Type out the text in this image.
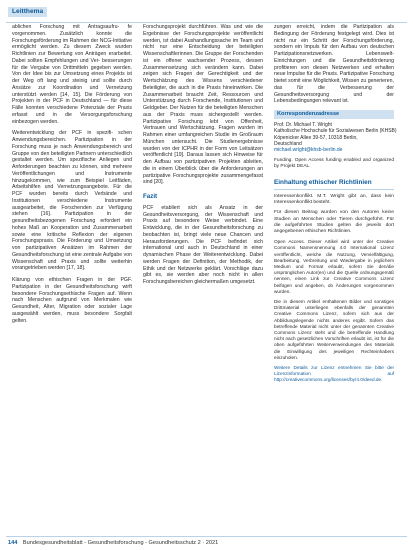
Leitthema

ablichen Forschung mit Antragsaufru- fe vorgenommen. Zusätzlich konnte die Forschungsförderung im Rahmen der NCG-Initiative ermöglicht werden. Zu diesem Zweck wurden Richtlinien zur Bewertung von Anträgen erarbeitet. Dabei sollten Empfehlungen und Ver- besserungen für die Vergabe von Drittmitteln gegeben werden. Von der Idee bis zur Umsetzung eines Projekts ist der Weg oft lang und steinig und sollte durch Ansätze zur Koordination und Vernetzung unterstützt werden [14, 15]. Die Förderung von Projekten in der PCF in Deutschland — für diese Fälle konnten verschiedene Potenziale der Praxis erfasst und in die Versorgungsforschung einbezogen werden.

Weiterentwicklung der PCF in spezifi- schen Anwendungsbereichen. Partizipation in der Forschung muss je nach Anwendungsbereich und Gruppe von den beteiligten Partnern unterschiedlich gestaltet werden. Um spezifische Anliegen und Anforderungen beachten zu können, sind mehrere Veröffentlichungen und Instrumente hinzugekommen, wie zum Beispiel Leitfäden, Arbeitshilfen und Vernetzungsangebote. Für die PCF wurden bereits durch Verbände und Institutionen verschiedene Instrumente ausgearbeitet, die Forschenden zur Verfügung stehen [16]. Partizipation in der gesundheitsbezogenen Forschung erfordert ein hohes Maß an Kooperation und Zusammenarbeit sowie eine kritische Reflexion der eigenen Forschungspraxis. Die Förderung und Umsetzung von partizipativen Ansätzen im Rahmen der Gesundheitsforschung ist eine zentrale Aufgabe von Wissenschaft und Praxis und sollte weiterhin vorangetrieben werden [17, 18].

Klärung von ethischen Fragen in der PGF. Partizipation in der Gesundheitsforschung wirft besondere Forschungsethische Fragen auf. Wenn nach Menschen aufgrund von Merkmalen wie Gesundheit, Alter, Migration oder sozialer Lage ausgewählt werden, muss besondere Sorgfalt gelten.

Forschungsprojekt durchführen. Was und wie die Ergebnisse der Forschungsprojekte veröffentlicht werden, ist dabei Aushandlungssache im Team und nicht nur eine Entscheidung der beteiligten Wissenschaftlerinnen. Die Gruppe der Forschenden ist ein offener wachsender Prozess, dessen Zusammensetzung sich verändern kann. Dabei zeigen sich Fragen der Gerechtigkeit und der Wertschätzung des Wissens verschiedener Beteiligter, die auch in die Praxis hineinwirken. Die Zusammenarbeit braucht Zeit, Ressourcen und Unterstützung durch Forschende, Institutionen und Geldgeber. Der Nutzen für die beteiligten Menschen aus der Praxis muss sichergestellt werden. Partizipative Forschung lebt von Offenheit, Vertrauen und Wertschätzung. Fragen wurden im Rahmen einer umfangreichen Studie im Großraum München untersucht. Die Studienergebnisse wurden von der ICPHR in der Form von Leitsätzen veröffentlicht [19]. Daraus lassen sich Hinweise für den Aufbau von partizipativen Projekten ableiten, die in einem Überblick über die Anforderungen an partizipative Forschungsprojekte zusammengefasst sind [20].

Fazit

PCF etabliert sich als Ansatz in der Gesundheitsversorgung, der Wissenschaft und Praxis auf besondere Weise verbindet. Eine Entwicklung, die in der Gesundheitsforschung zu beobachten ist, bringt viele neue Chancen und Herausforderungen. Die PCF befindet sich international und auch in Deutschland in einer dynamischen Phase der Weiterentwicklung. Dabei werden Fragen der Definition, der Methodik, der Ethik und der Netzwerke geklärt. Vorschläge dazu gibt es, sie werden aber noch nicht in allen Forschungsbereichen gleichermaßen umgesetzt.

zungen erreicht, indem die Partizipation als Bedingung der Förderung festgelegt wird. Dies ist nicht nur ein Schritt der Forschungsförderung, sondern ein Impuls für den Aufbau von deutschen Partizipationsnetzwerken. Lebenswelt-Einrichtungen und die Gesundheitsförderung profitieren von diesen Netzwerken und erhalten neue Impulse für die Praxis. Partizipative Forschung bietet somit eine Möglichkeit, Wissen zu generieren, das für die Verbesserung der Gesundheitsversorgung und der Lebensbedingungen relevant ist.

Korrespondenzadresse
Prof. Dr. Michael T. Wright
Katholische Hochschule für Sozialwesen Berlin (KHSB)
Köpenicker Allee 39-57, 10318 Berlin,
Deutschland
michael.wright@khsb-berlin.de
Funding. Open Access funding enabled and organized by Projekt DEAL.
Einhaltung ethischer Richtlinien
Interessenkonflikt. M.T. Wright gibt an, dass kein Interessenkonflikt besteht.
Für diesen Beitrag wurden von den Autoren keine Studien an Menschen oder Tieren durchgeführt. Für die aufgeführten Studien gelten die jeweils dort angegebenen ethischen Richtlinien.
Open Access. Dieser Artikel wird unter der Creative Commons Namensnennung 4.0 International Lizenz veröffentlicht, welche die Nutzung, Vervielfältigung, Bearbeitung, Verbreitung und Wiedergabe in jeglichem Medium und Format erlaubt, sofern Sie den/die ursprünglichen Autor(en) und die Quelle ordnungsgemäß nennen, einen Link zur Creative Commons Lizenz beifügen und angeben, ob Änderungen vorgenommen wurden.
Die in diesem Artikel enthaltenen Bilder und sonstiges Drittmaterial unterliegen ebenfalls der genannten Creative Commons Lizenz, sofern sich aus der Abbildungslegende nichts anderes ergibt. Sofern das betreffende Material nicht unter der genannten Creative Commons Lizenz steht und die betreffende Handlung nicht nach gesetzlichen Vorschriften erlaubt ist, ist für die oben aufgeführten Weiterverwendungen des Materials die Einwilligung des jeweiligen Rechteinhabers einzuholen.
Weitere Details zur Lizenz entnehmen Sie bitte der Lizenzinformation auf http://creativecommons.org/licenses/by/4.0/deed.de.
144 Bundesgesundheitsblatt - Gesundheitsforschung - Gesundheitsschutz 2 · 2021
